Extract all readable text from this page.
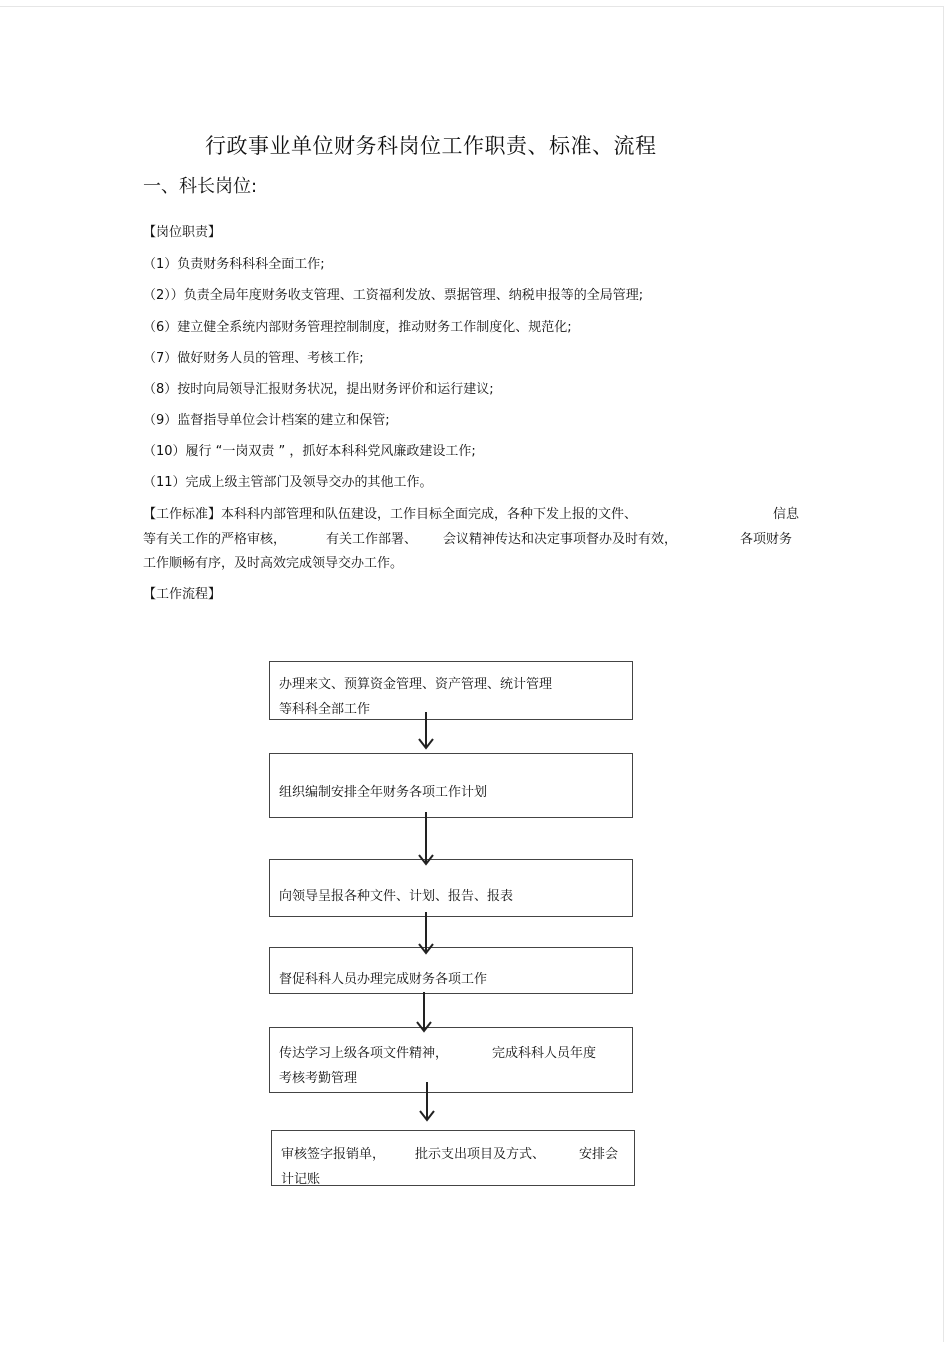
行政事业单位财务科岗位工作职责、标准、流程
一、科长岗位:
【岗位职责】
（1）负责财务科科科全面工作;
（2））负责全局年度财务收支管理、工资福利发放、票据管理、纳税申报等的全局管理;
（6）建立健全系统内部财务管理控制制度，推动财务工作制度化、规范化;
（7）做好财务人员的管理、考核工作;
（8）按时向局领导汇报财务状况，提出财务评价和运行建议;
（9）监督指导单位会计档案的建立和保管;
（10）履行 “一岗双责 ” ，抓好本科科党风廉政建设工作;
（11）完成上级主管部门及领导交办的其他工作。
【工作标准】本科科内部管理和队伍建设，工作目标全面完成，各种下发上报的文件、	信息
等有关工作的严格审核，	有关工作部署、 会议精神传达和决定事项督办及时有效，	各项财务
工作顺畅有序，及时高效完成领导交办工作。
【工作流程】
办理来文、预算资金管理、资产管理、统计管理
等科科全部工作
组织编制安排全年财务各项工作计划
向领导呈报各种文件、计划、报告、报表
督促科科人员办理完成财务各项工作
传达学习上级各项文件精神，	完成科科人员年度
考核考勤管理
审核签字报销单， 批示支出项目及方式、	安排会
计记账
